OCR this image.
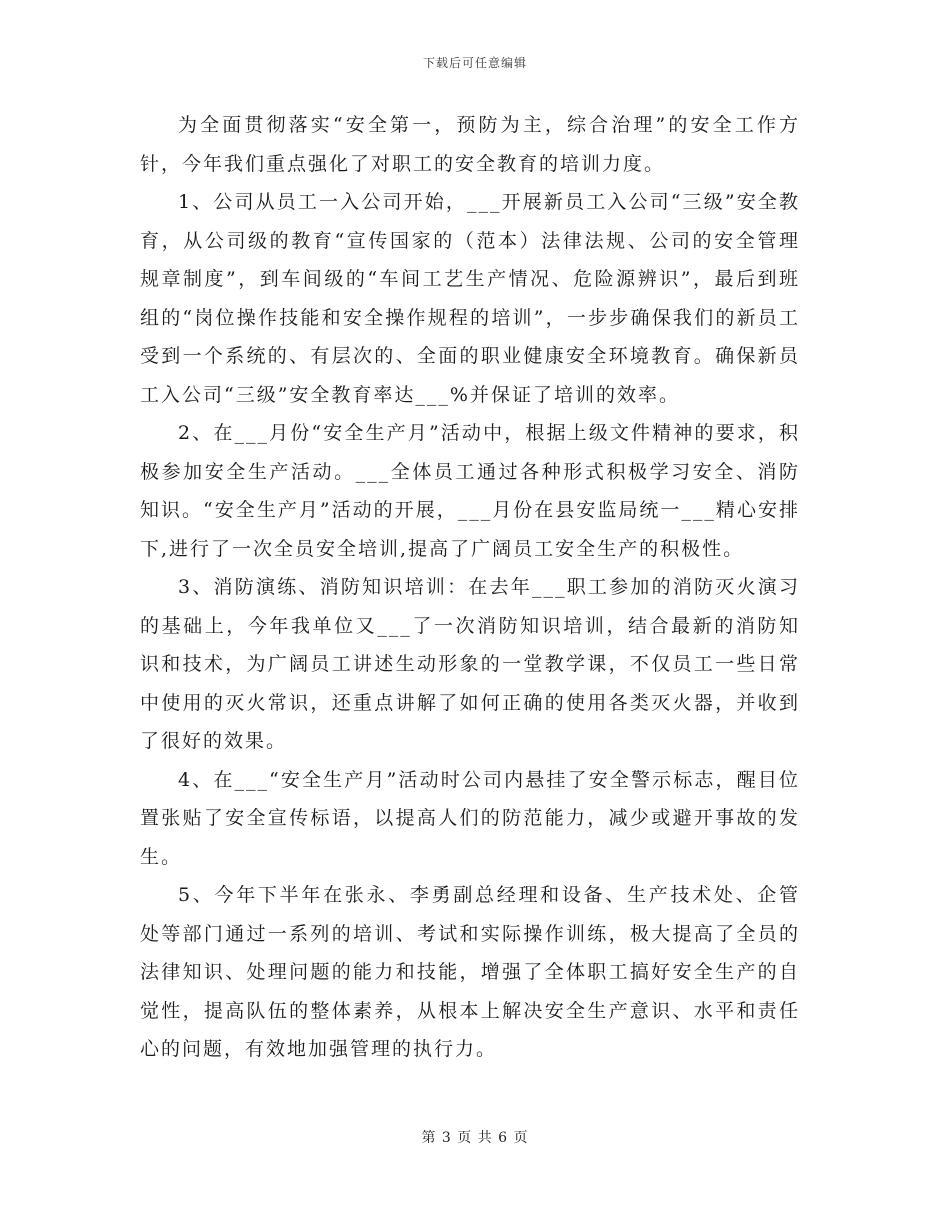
下载后可任意编辑

为全面贯彻落实“安全第一，预防为主，综合治理”的安全工作方针，今年我们重点强化了对职工的安全教育的培训力度。

1、公司从员工一入公司开始，___开展新员工入公司“三级”安全教育，从公司级的教育“宣传国家的（范本）法律法规、公司的安全管理规章制度”，到车间级的“车间工艺生产情况、危险源辨识”，最后到班组的“岗位操作技能和安全操作规程的培训”，一步步确保我们的新员工受到一个系统的、有层次的、全面的职业健康安全环境教育。确保新员工入公司“三级”安全教育率达___%并保证了培训的效率。

2、在___月份“安全生产月”活动中，根据上级文件精神的要求，积极参加安全生产活动。___全体员工通过各种形式积极学习安全、消防知识。“安全生产月”活动的开展，___月份在县安监局统一___精心安排下,进行了一次全员安全培训,提高了广阔员工安全生产的积极性。

3、消防演练、消防知识培训：在去年___职工参加的消防灭火演习的基础上，今年我单位又___了一次消防知识培训，结合最新的消防知识和技术，为广阔员工讲述生动形象的一堂教学课，不仅员工一些日常中使用的灭火常识，还重点讲解了如何正确的使用各类灭火器，并收到了很好的效果。

4、在___“安全生产月”活动时公司内悬挂了安全警示标志，醒目位置张贴了安全宣传标语，以提高人们的防范能力，减少或避开事故的发生。

5、今年下半年在张永、李勇副总经理和设备、生产技术处、企管处等部门通过一系列的培训、考试和实际操作训练，极大提高了全员的法律知识、处理问题的能力和技能，增强了全体职工搞好安全生产的自觉性，提高队伍的整体素养，从根本上解决安全生产意识、水平和责任心的问题，有效地加强管理的执行力。

第 3 页 共 6 页
